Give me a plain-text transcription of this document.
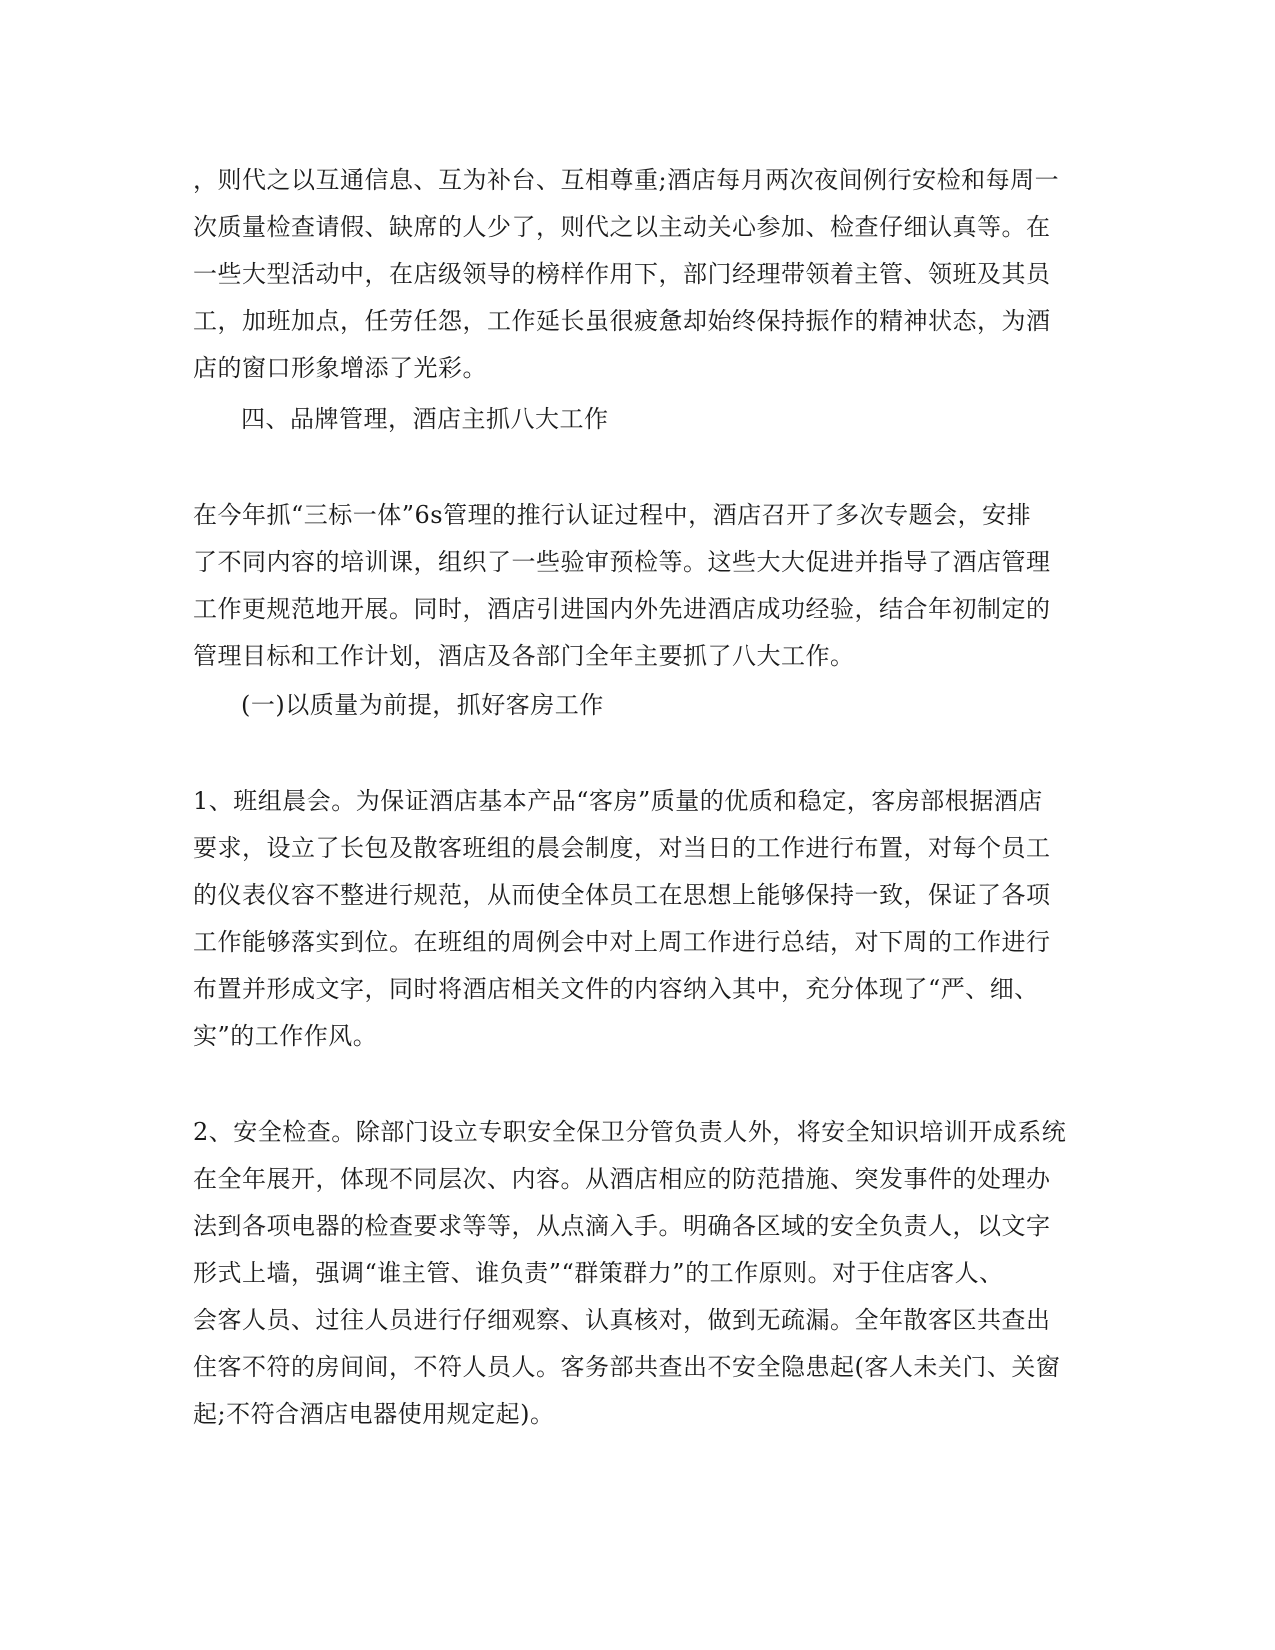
，则代之以互通信息、互为补台、互相尊重;酒店每月两次夜间例行安检和每周一
次质量检查请假、缺席的人少了，则代之以主动关心参加、检查仔细认真等。在
一些大型活动中，在店级领导的榜样作用下，部门经理带领着主管、领班及其员
工，加班加点，任劳任怨，工作延长虽很疲惫却始终保持振作的精神状态，为酒
店的窗口形象增添了光彩。
四、品牌管理，酒店主抓八大工作
在今年抓“三标一体”6s管理的推行认证过程中，酒店召开了多次专题会，安排
了不同内容的培训课，组织了一些验审预检等。这些大大促进并指导了酒店管理
工作更规范地开展。同时，酒店引进国内外先进酒店成功经验，结合年初制定的
管理目标和工作计划，酒店及各部门全年主要抓了八大工作。
(一)以质量为前提，抓好客房工作
1、班组晨会。为保证酒店基本产品“客房”质量的优质和稳定，客房部根据酒店
要求，设立了长包及散客班组的晨会制度，对当日的工作进行布置，对每个员工
的仪表仪容不整进行规范，从而使全体员工在思想上能够保持一致，保证了各项
工作能够落实到位。在班组的周例会中对上周工作进行总结，对下周的工作进行
布置并形成文字，同时将酒店相关文件的内容纳入其中，充分体现了“严、细、
实”的工作作风。
2、安全检查。除部门设立专职安全保卫分管负责人外，将安全知识培训开成系统
在全年展开，体现不同层次、内容。从酒店相应的防范措施、突发事件的处理办
法到各项电器的检查要求等等，从点滴入手。明确各区域的安全负责人，以文字
形式上墙，强调“谁主管、谁负责”“群策群力”的工作原则。对于住店客人、
会客人员、过往人员进行仔细观察、认真核对，做到无疏漏。全年散客区共查出
住客不符的房间间，不符人员人。客务部共查出不安全隐患起(客人未关门、关窗
起;不符合酒店电器使用规定起)。
